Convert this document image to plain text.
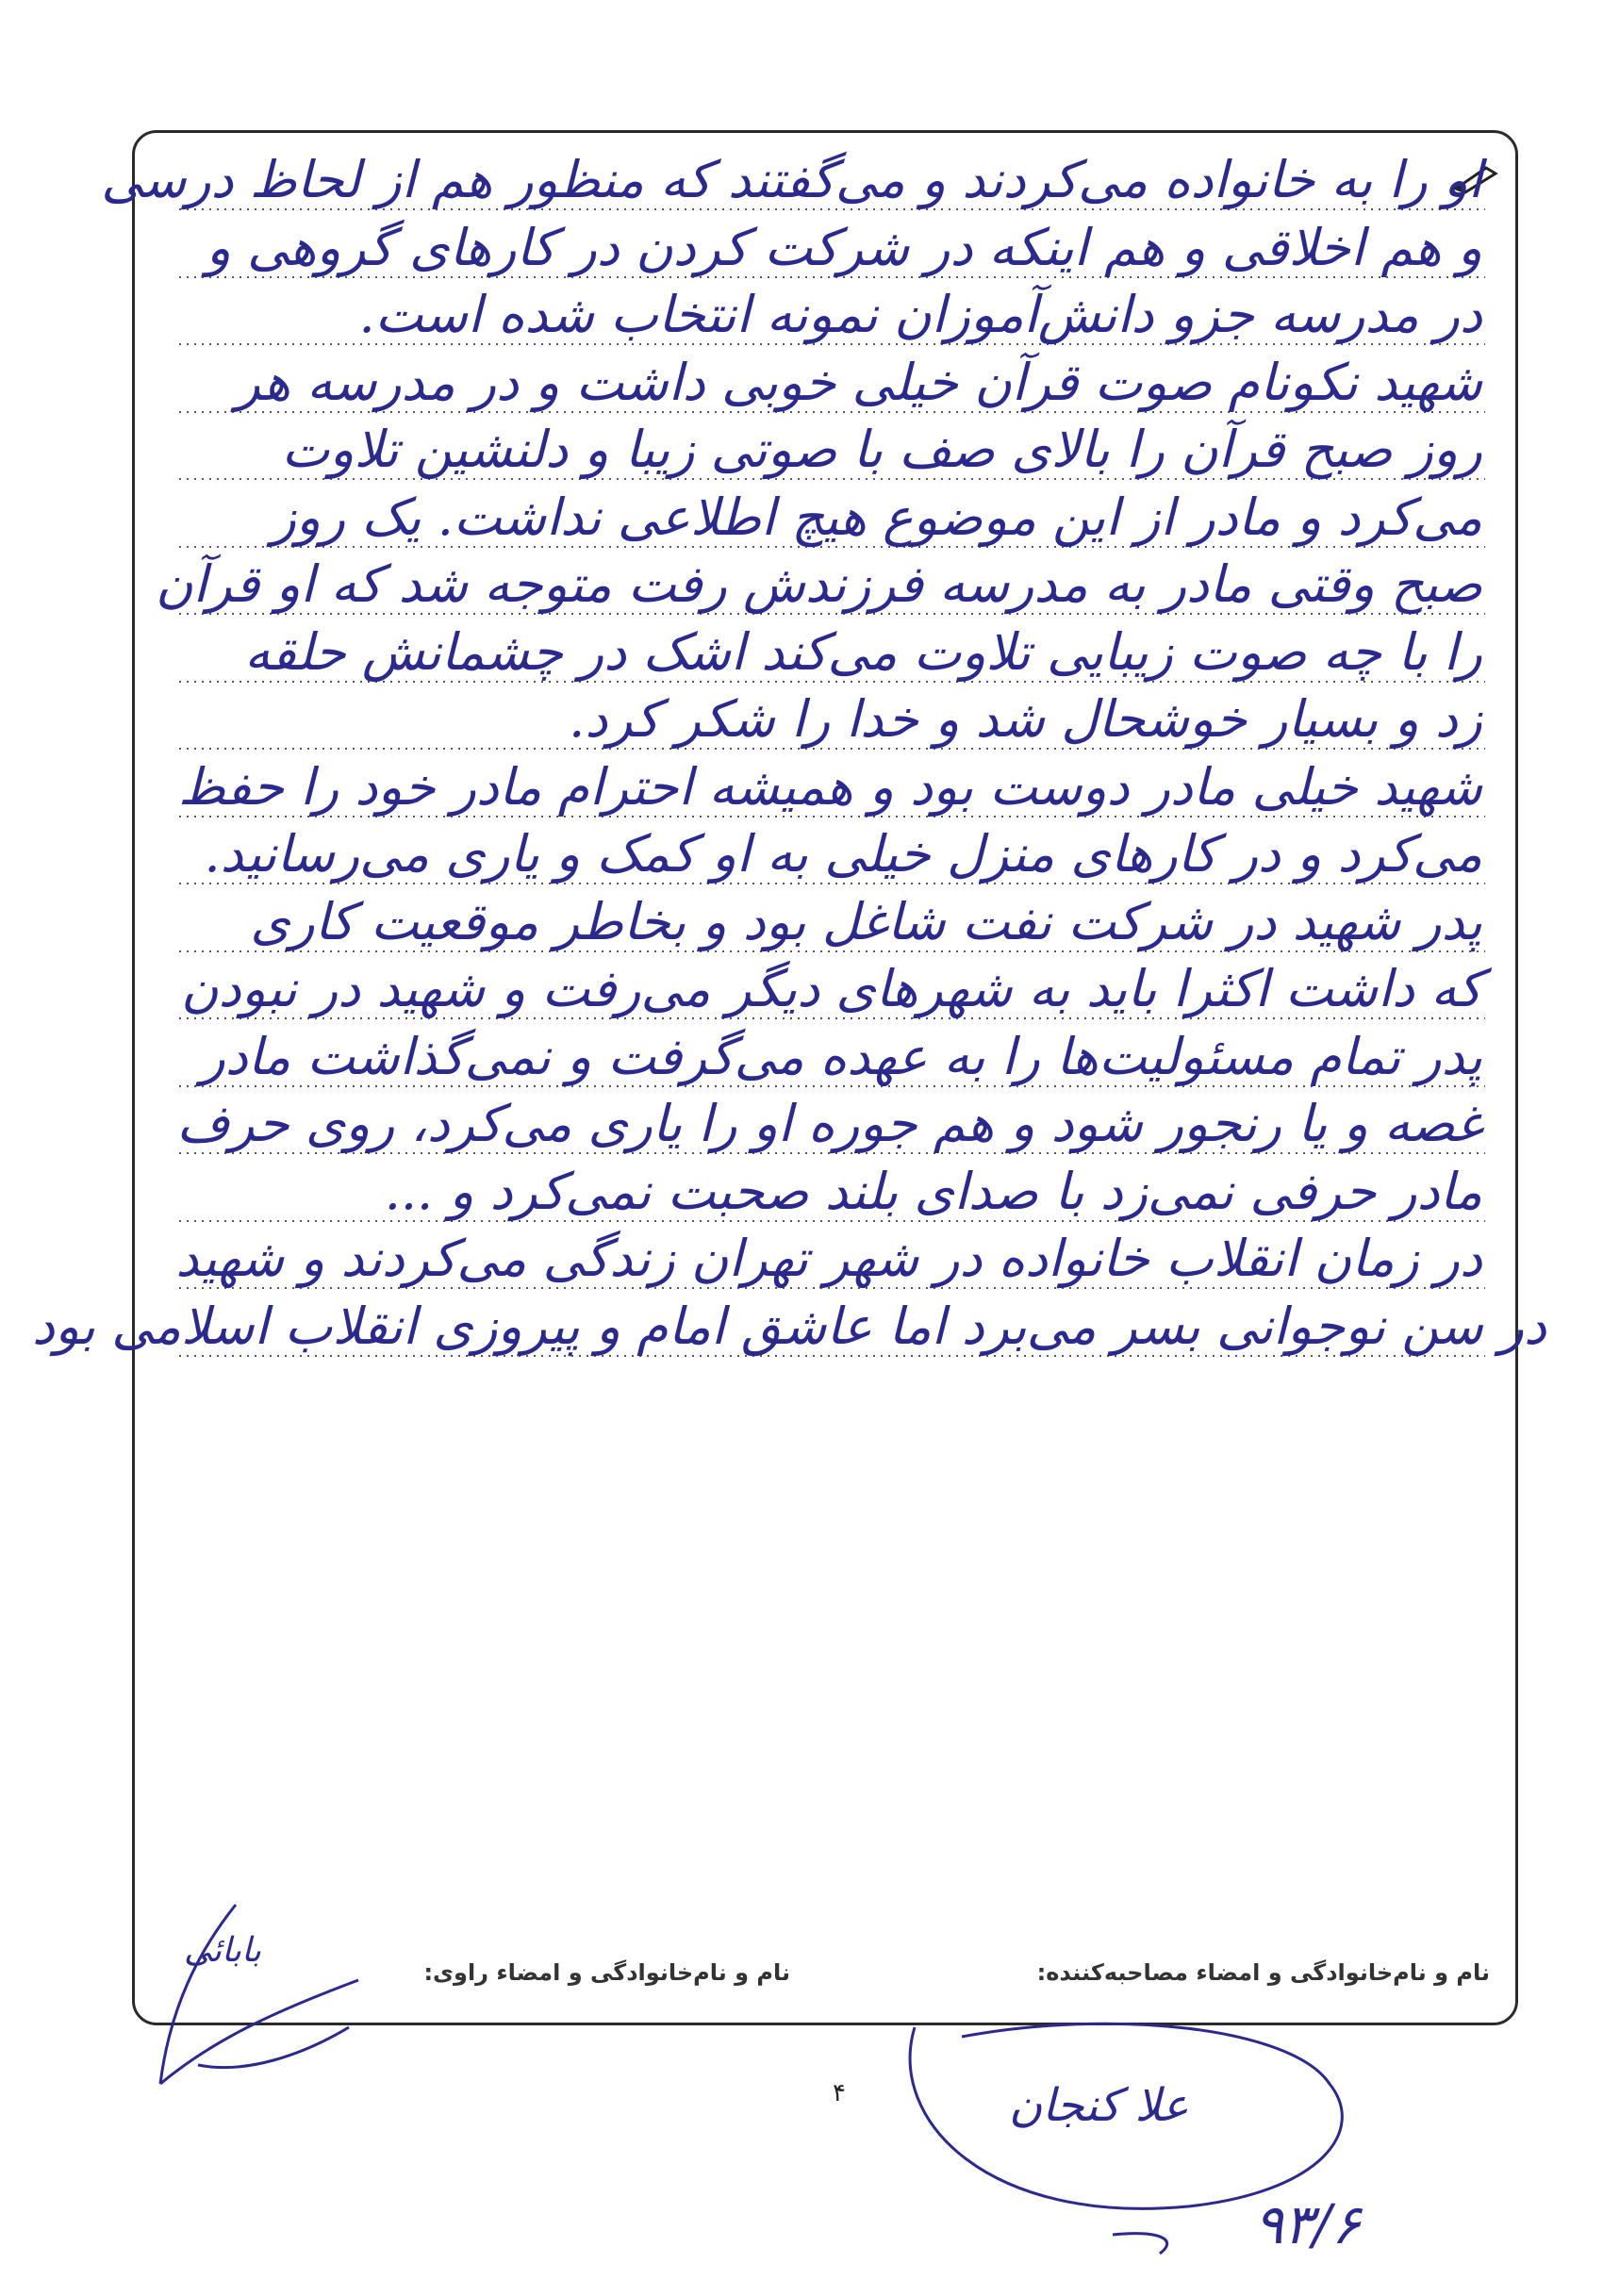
او را به خانواده می‌کردند و می‌گفتند که منظور هم از لحاظ درسی
و هم اخلاقی و هم اینکه در شرکت کردن در کارهای گروهی و
در مدرسه جزو دانش‌آموزان نمونه انتخاب شده است.
شهید نکونام صوت قرآن خیلی خوبی داشت و در مدرسه هر
روز صبح قرآن را بالای صف با صوتی زیبا و دلنشین تلاوت
می‌کرد و مادر از این موضوع هیچ اطلاعی نداشت. یک روز
صبح وقتی مادر به مدرسه فرزندش رفت متوجه شد که او قرآن
را با چه صوت زیبایی تلاوت می‌کند اشک در چشمانش حلقه
زد و بسیار خوشحال شد و خدا را شکر کرد.
شهید خیلی مادر دوست بود و همیشه احترام مادر خود را حفظ
می‌کرد و در کارهای منزل خیلی به او کمک و یاری می‌رسانید.
پدر شهید در شرکت نفت شاغل بود و بخاطر موقعیت کاری
که داشت اکثرا باید به شهرهای دیگر می‌رفت و شهید در نبودن
پدر تمام مسئولیت‌ها را به عهده می‌گرفت و نمی‌گذاشت مادر
غصه و یا رنجور شود و هم جوره او را یاری می‌کرد، روی حرف
مادر حرفی نمی‌زد با صدای بلند صحبت نمی‌کرد و ...
در زمان انقلاب خانواده در شهر تهران زندگی می‌کردند و شهید
در سن نوجوانی بسر می‌برد اما عاشق امام و پیروزی انقلاب اسلامی بود
نام و نام‌خانوادگی و امضاء مصاحبه‌کننده:
نام و نام‌خانوادگی و امضاء راوی:
۴	علا کنجان
۹۳/۶
بابائی
